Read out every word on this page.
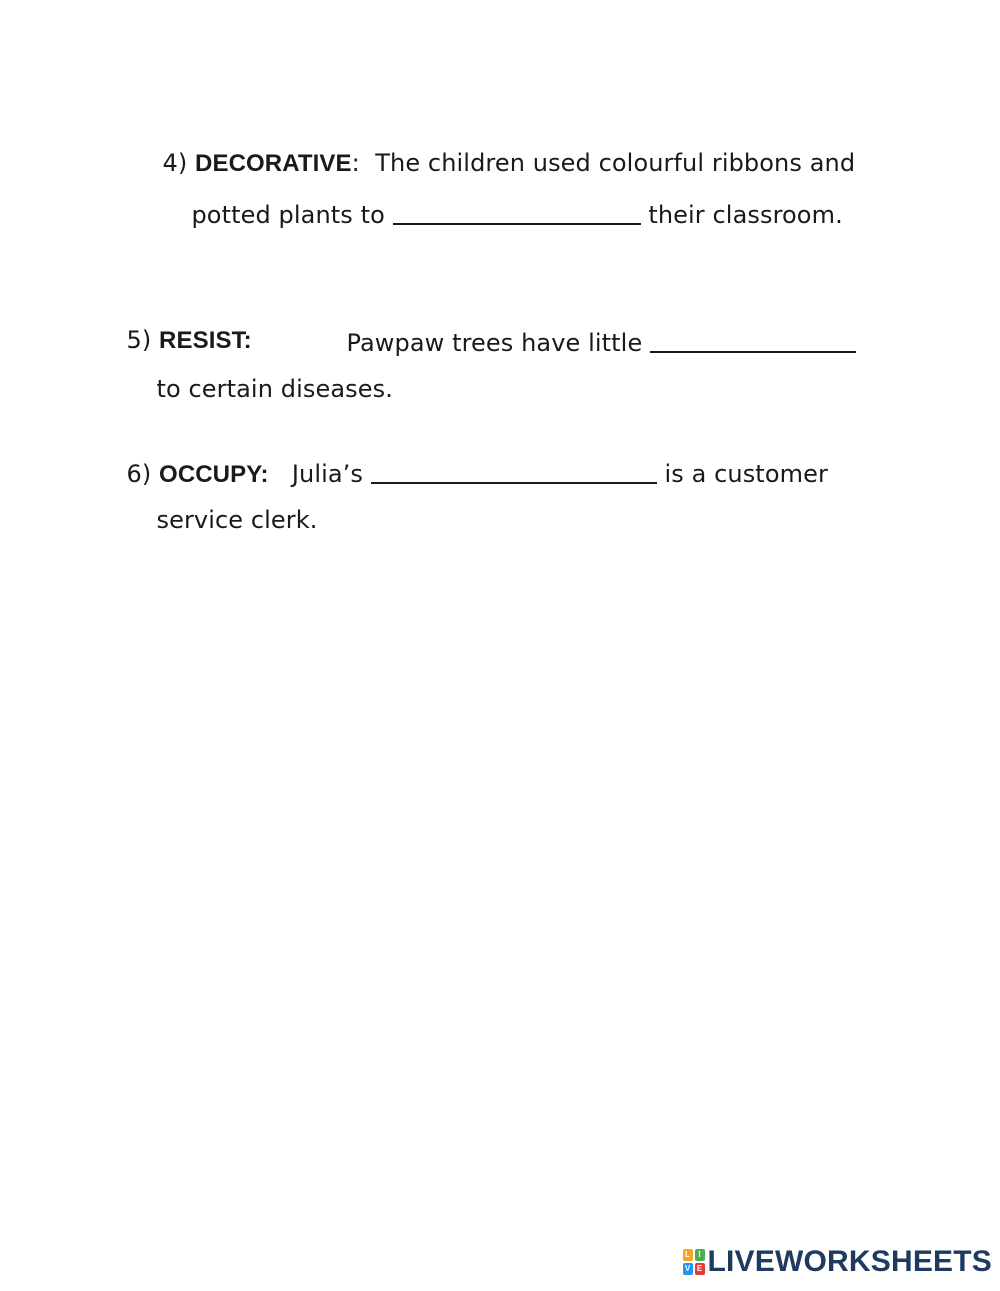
4) DECORATIVE:  The children used colourful ribbons and

potted plants to	their classroom.

5) RESIST:	Pawpaw trees have little

to certain diseases.

6) OCCUPY:   Julia’s	is a customer

service clerk.

L	I
V E LIVEWORKSHEETS
